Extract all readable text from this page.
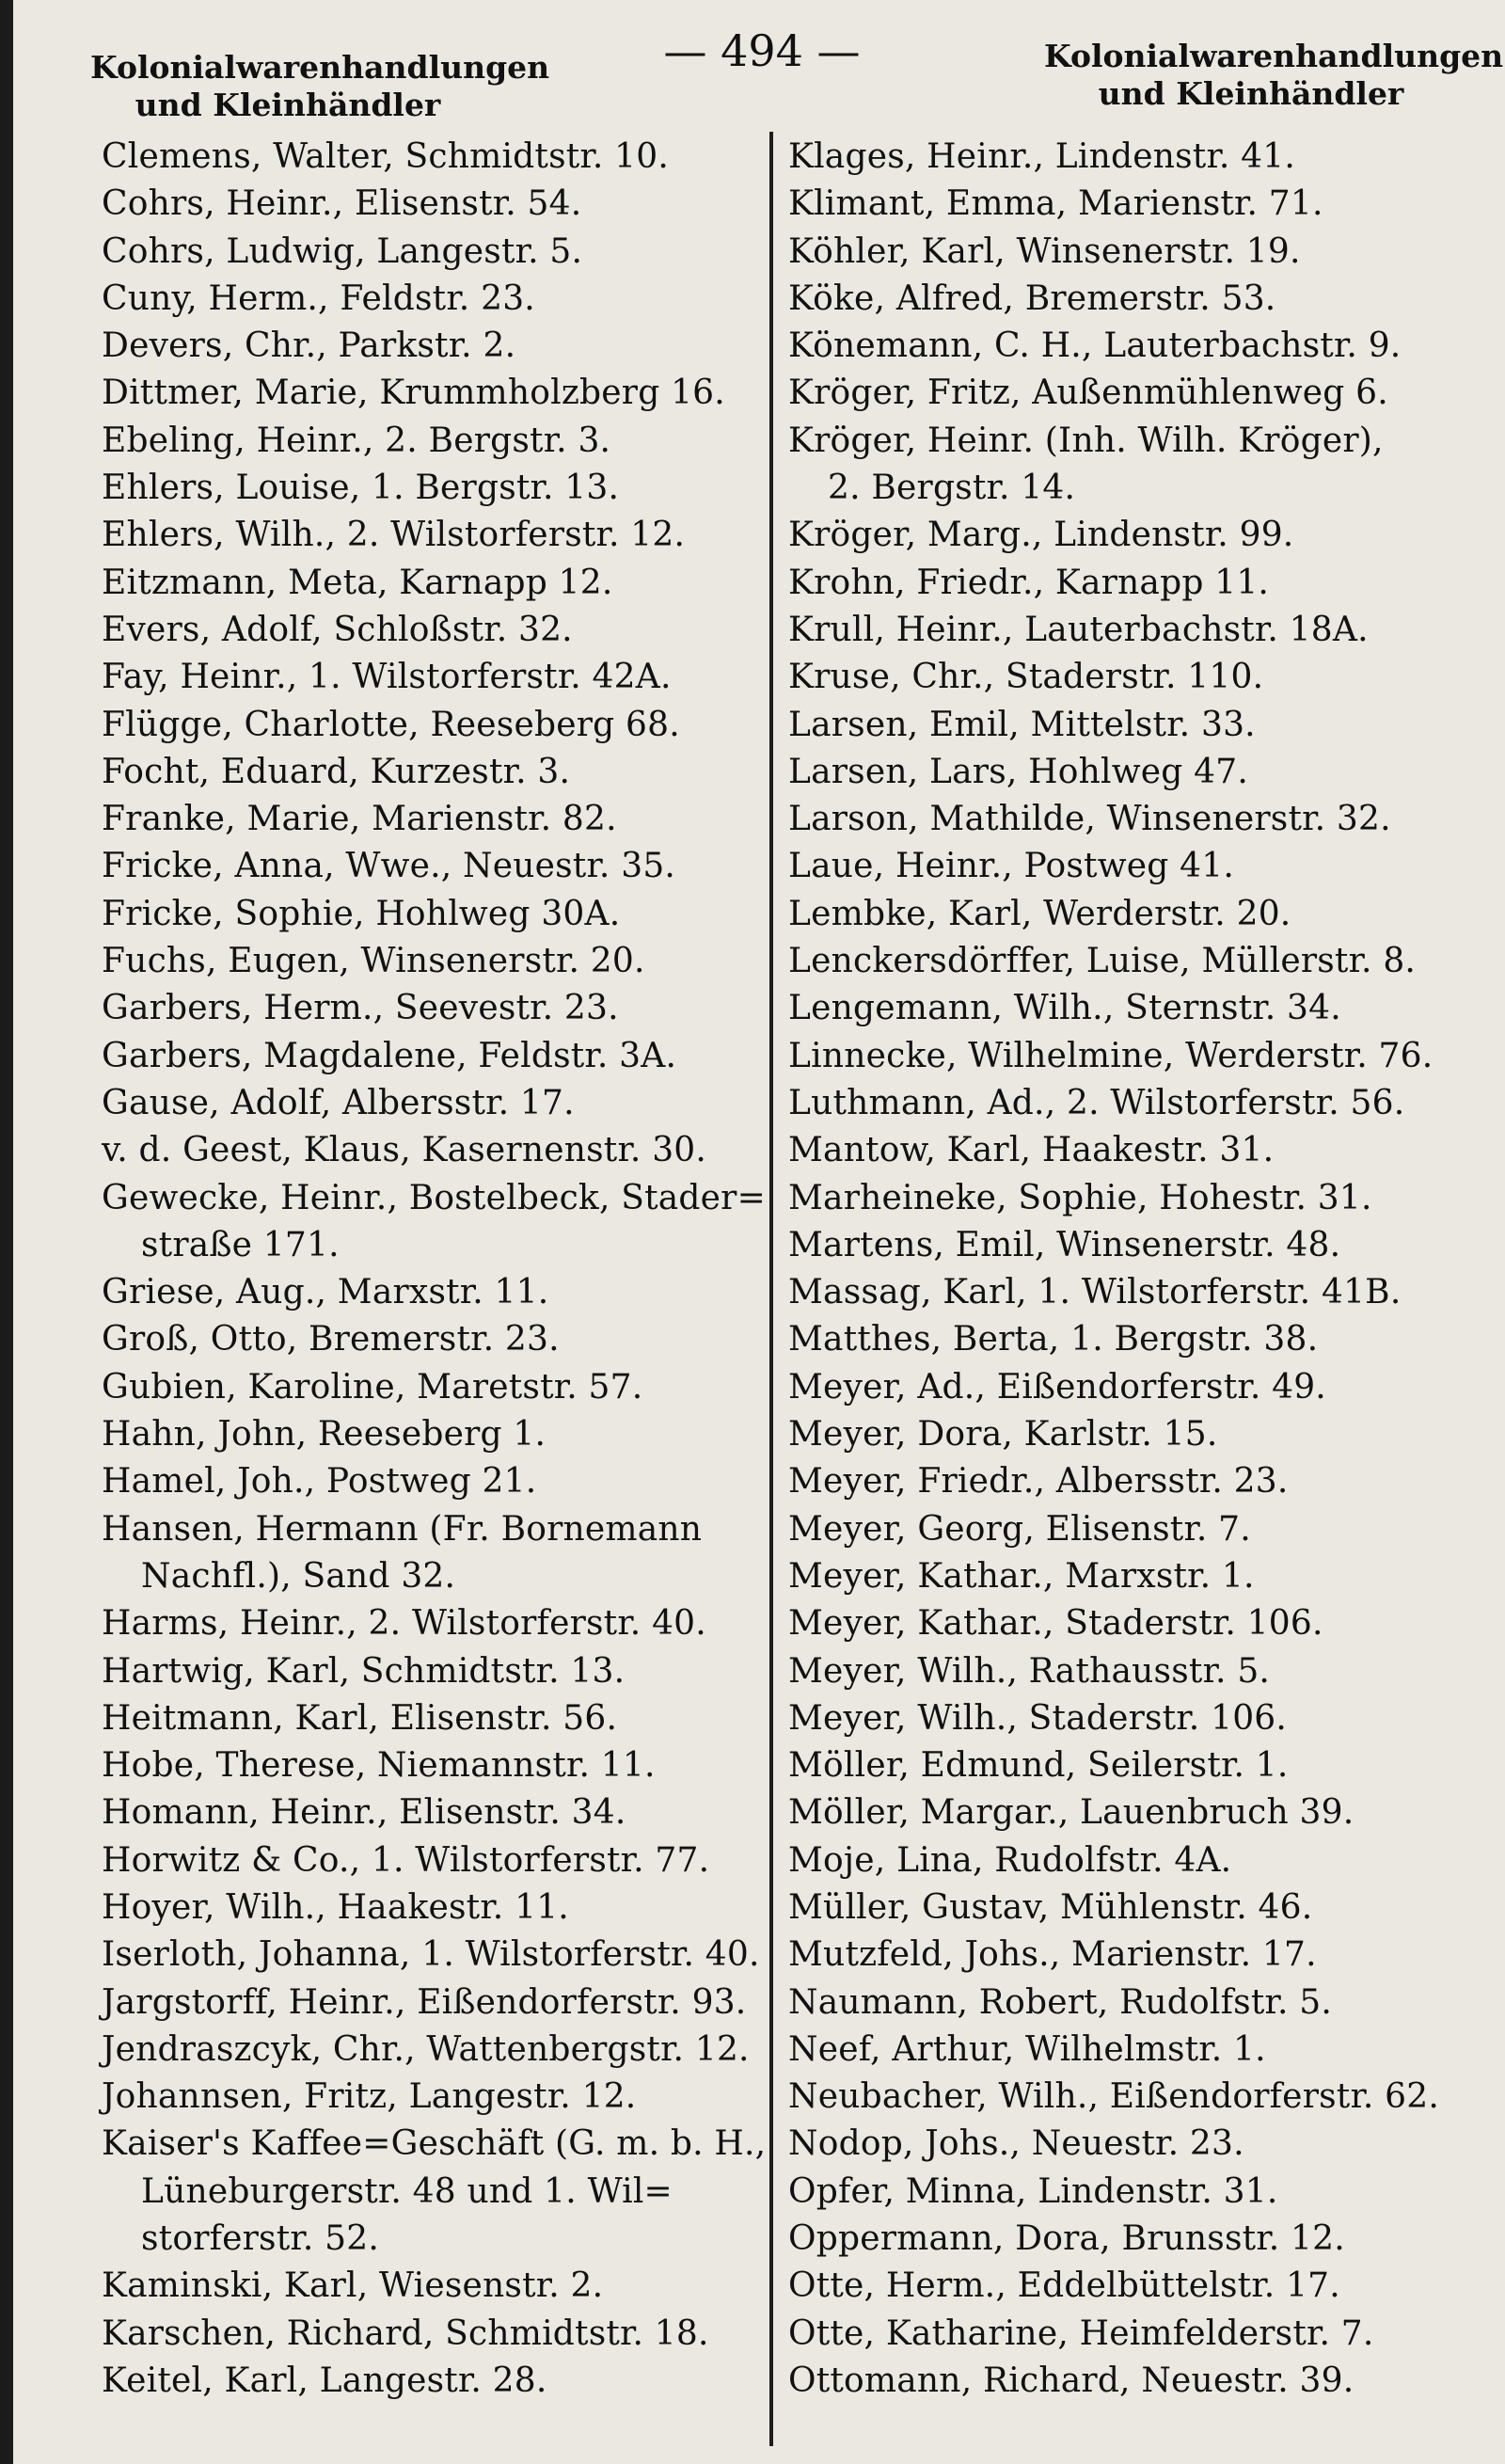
Kolonialwarenhandlungen
und Kleinhändler
— 494 —	Kolonialwarenhandlungen
und Kleinhändler
Clemens, Walter, Schmidtstr. 10.
Cohrs, Heinr., Elisenstr. 54.
Cohrs, Ludwig, Langestr. 5.
Cuny, Herm., Feldstr. 23.
Devers, Chr., Parkstr. 2.
Dittmer, Marie, Krummholzberg 16.
Ebeling, Heinr., 2. Bergstr. 3.
Ehlers, Louise, 1. Bergstr. 13.
Ehlers, Wilh., 2. Wilstorferstr. 12.
Eitzmann, Meta, Karnapp 12.
Evers, Adolf, Schloßstr. 32.
Fay, Heinr., 1. Wilstorferstr. 42A.
Flügge, Charlotte, Reeseberg 68.
Focht, Eduard, Kurzestr. 3.
Franke, Marie, Marienstr. 82.
Fricke, Anna, Wwe., Neuestr. 35.
Fricke, Sophie, Hohlweg 30A.
Fuchs, Eugen, Winsenerstr. 20.
Garbers, Herm., Seevestr. 23.
Garbers, Magdalene, Feldstr. 3A.
Gause, Adolf, Albersstr. 17.
v. d. Geest, Klaus, Kasernenstr. 30.
Gewecke, Heinr., Bostelbeck, Stader=
straße 171.
Griese, Aug., Marxstr. 11.
Groß, Otto, Bremerstr. 23.
Gubien, Karoline, Maretstr. 57.
Hahn, John, Reeseberg 1.
Hamel, Joh., Postweg 21.
Hansen, Hermann (Fr. Bornemann
Nachfl.), Sand 32.
Harms, Heinr., 2. Wilstorferstr. 40.
Hartwig, Karl, Schmidtstr. 13.
Heitmann, Karl, Elisenstr. 56.
Hobe, Therese, Niemannstr. 11.
Homann, Heinr., Elisenstr. 34.
Horwitz & Co., 1. Wilstorferstr. 77.
Hoyer, Wilh., Haakestr. 11.
Iserloth, Johanna, 1. Wilstorferstr. 40.
Jargstorff, Heinr., Eißendorferstr. 93.
Jendraszcyk, Chr., Wattenbergstr. 12.
Johannsen, Fritz, Langestr. 12.
Kaiser's Kaffee=Geschäft (G. m. b. H.,
Lüneburgerstr. 48 und 1. Wil=
storferstr. 52.
Kaminski, Karl, Wiesenstr. 2.
Karschen, Richard, Schmidtstr. 18.
Keitel, Karl, Langestr. 28.
Klages, Heinr., Lindenstr. 41.
Klimant, Emma, Marienstr. 71.
Köhler, Karl, Winsenerstr. 19.
Köke, Alfred, Bremerstr. 53.
Könemann, C. H., Lauterbachstr. 9.
Kröger, Fritz, Außenmühlenweg 6.
Kröger, Heinr. (Inh. Wilh. Kröger),
2. Bergstr. 14.
Kröger, Marg., Lindenstr. 99.
Krohn, Friedr., Karnapp 11.
Krull, Heinr., Lauterbachstr. 18A.
Kruse, Chr., Staderstr. 110.
Larsen, Emil, Mittelstr. 33.
Larsen, Lars, Hohlweg 47.
Larson, Mathilde, Winsenerstr. 32.
Laue, Heinr., Postweg 41.
Lembke, Karl, Werderstr. 20.
Lenckersdörffer, Luise, Müllerstr. 8.
Lengemann, Wilh., Sternstr. 34.
Linnecke, Wilhelmine, Werderstr. 76.
Luthmann, Ad., 2. Wilstorferstr. 56.
Mantow, Karl, Haakestr. 31.
Marheineke, Sophie, Hohestr. 31.
Martens, Emil, Winsenerstr. 48.
Massag, Karl, 1. Wilstorferstr. 41B.
Matthes, Berta, 1. Bergstr. 38.
Meyer, Ad., Eißendorferstr. 49.
Meyer, Dora, Karlstr. 15.
Meyer, Friedr., Albersstr. 23.
Meyer, Georg, Elisenstr. 7.
Meyer, Kathar., Marxstr. 1.
Meyer, Kathar., Staderstr. 106.
Meyer, Wilh., Rathausstr. 5.
Meyer, Wilh., Staderstr. 106.
Möller, Edmund, Seilerstr. 1.
Möller, Margar., Lauenbruch 39.
Moje, Lina, Rudolfstr. 4A.
Müller, Gustav, Mühlenstr. 46.
Mutzfeld, Johs., Marienstr. 17.
Naumann, Robert, Rudolfstr. 5.
Neef, Arthur, Wilhelmstr. 1.
Neubacher, Wilh., Eißendorferstr. 62.
Nodop, Johs., Neuestr. 23.
Opfer, Minna, Lindenstr. 31.
Oppermann, Dora, Brunsstr. 12.
Otte, Herm., Eddelbüttelstr. 17.
Otte, Katharine, Heimfelderstr. 7.
Ottomann, Richard, Neuestr. 39.
